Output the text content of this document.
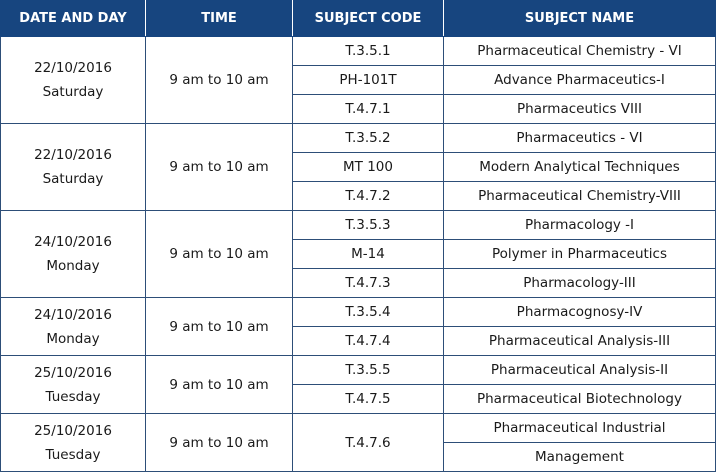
DATE AND DAY	TIME	SUBJECT CODE	SUBJECT NAME

22/10/2016
Saturday	9 am to 10 am	T.3.5.1	Pharmaceutical Chemistry - VI
		PH-101T	Advance Pharmaceutics-I
		T.4.7.1	Pharmaceutics VIII

22/10/2016
Saturday	9 am to 10 am	T.3.5.2	Pharmaceutics - VI
		MT 100	Modern Analytical Techniques
		T.4.7.2	Pharmaceutical Chemistry-VIII

24/10/2016
Monday	9 am to 10 am	T.3.5.3	Pharmacology -I
		M-14	Polymer in Pharmaceutics
		T.4.7.3	Pharmacology-III

24/10/2016
Monday	9 am to 10 am	T.3.5.4	Pharmacognosy-IV
		T.4.7.4	Pharmaceutical Analysis-III

25/10/2016
Tuesday	9 am to 10 am	T.3.5.5	Pharmaceutical Analysis-II
		T.4.7.5	Pharmaceutical Biotechnology

25/10/2016
Tuesday	9 am to 10 am	T.4.7.6	Pharmaceutical Industrial
			Management
